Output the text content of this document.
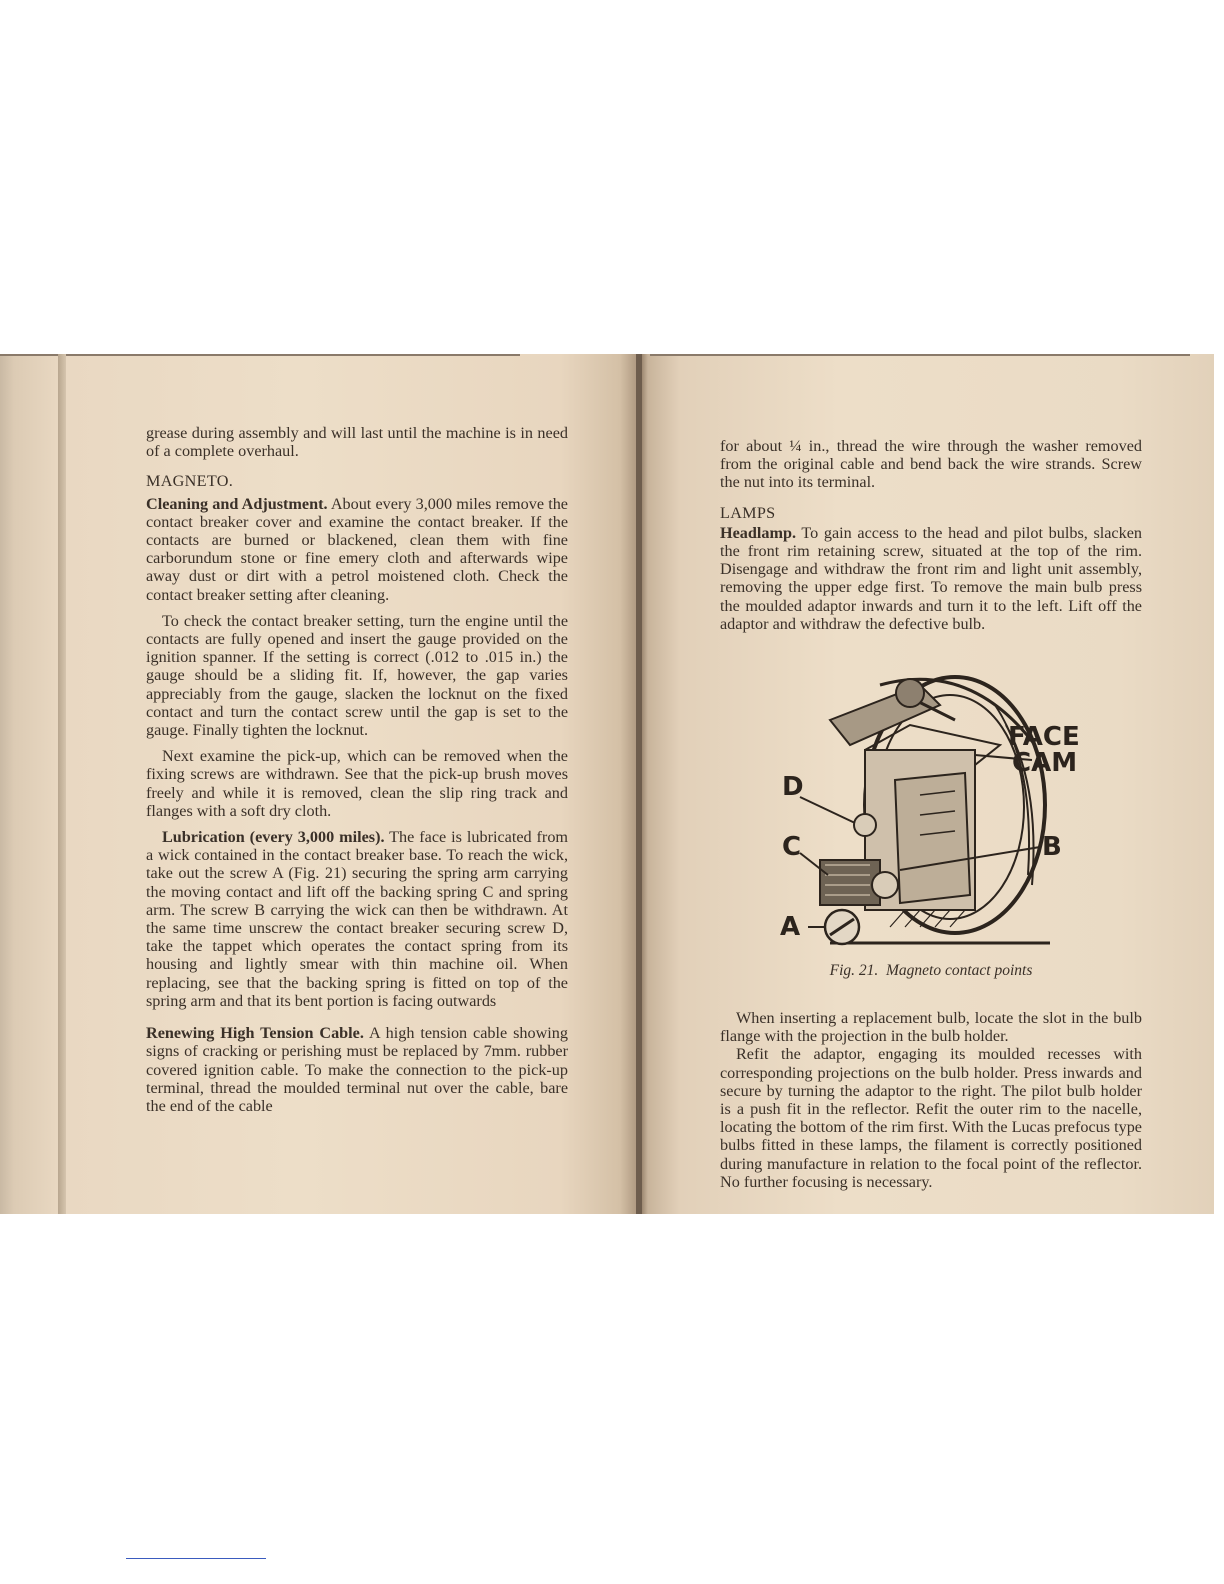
grease during assembly and will last until the machine is in need of a complete overhaul.

MAGNETO.

Cleaning and Adjustment. About every 3,000 miles remove the contact breaker cover and examine the contact breaker. If the contacts are burned or blackened, clean them with fine carborundum stone or fine emery cloth and afterwards wipe away dust or dirt with a petrol moistened cloth. Check the contact breaker setting after cleaning.

To check the contact breaker setting, turn the engine until the contacts are fully opened and insert the gauge provided on the ignition spanner. If the setting is correct (.012 to .015 in.) the gauge should be a sliding fit. If, however, the gap varies appreciably from the gauge, slacken the locknut on the fixed contact and turn the contact screw until the gap is set to the gauge. Finally tighten the locknut.

Next examine the pick-up, which can be removed when the fixing screws are withdrawn. See that the pick-up brush moves freely and while it is removed, clean the slip ring track and flanges with a soft dry cloth.

Lubrication (every 3,000 miles). The face is lubricated from a wick contained in the contact breaker base. To reach the wick, take out the screw A (Fig. 21) securing the spring arm carrying the moving contact and lift off the backing spring C and spring arm. The screw B carrying the wick can then be withdrawn. At the same time unscrew the contact breaker securing screw D, take the tappet which operates the contact spring from its housing and lightly smear with thin machine oil. When replacing, see that the backing spring is fitted on top of the spring arm and that its bent portion is facing outwards

Renewing High Tension Cable. A high tension cable showing signs of cracking or perishing must be replaced by 7mm. rubber covered ignition cable. To make the connection to the pick-up terminal, thread the moulded terminal nut over the cable, bare the end of the cable

for about ¼ in., thread the wire through the washer removed from the original cable and bend back the wire strands. Screw the nut into its terminal.

LAMPS

Headlamp. To gain access to the head and pilot bulbs, slacken the front rim retaining screw, situated at the top of the rim. Disengage and withdraw the front rim and light unit assembly, removing the upper edge first. To remove the main bulb press the moulded adaptor inwards and turn it to the left. Lift off the adaptor and withdraw the defective bulb.

FACE
CAM
D
C	B
A
Fig. 21. Magneto contact points

When inserting a replacement bulb, locate the slot in the bulb flange with the projection in the bulb holder.

Refit the adaptor, engaging its moulded recesses with corresponding projections on the bulb holder. Press inwards and secure by turning the adaptor to the right. The pilot bulb holder is a push fit in the reflector. Refit the outer rim to the nacelle, locating the bottom of the rim first. With the Lucas prefocus type bulbs fitted in these lamps, the filament is correctly positioned during manufacture in relation to the focal point of the reflector. No further focusing is necessary.
